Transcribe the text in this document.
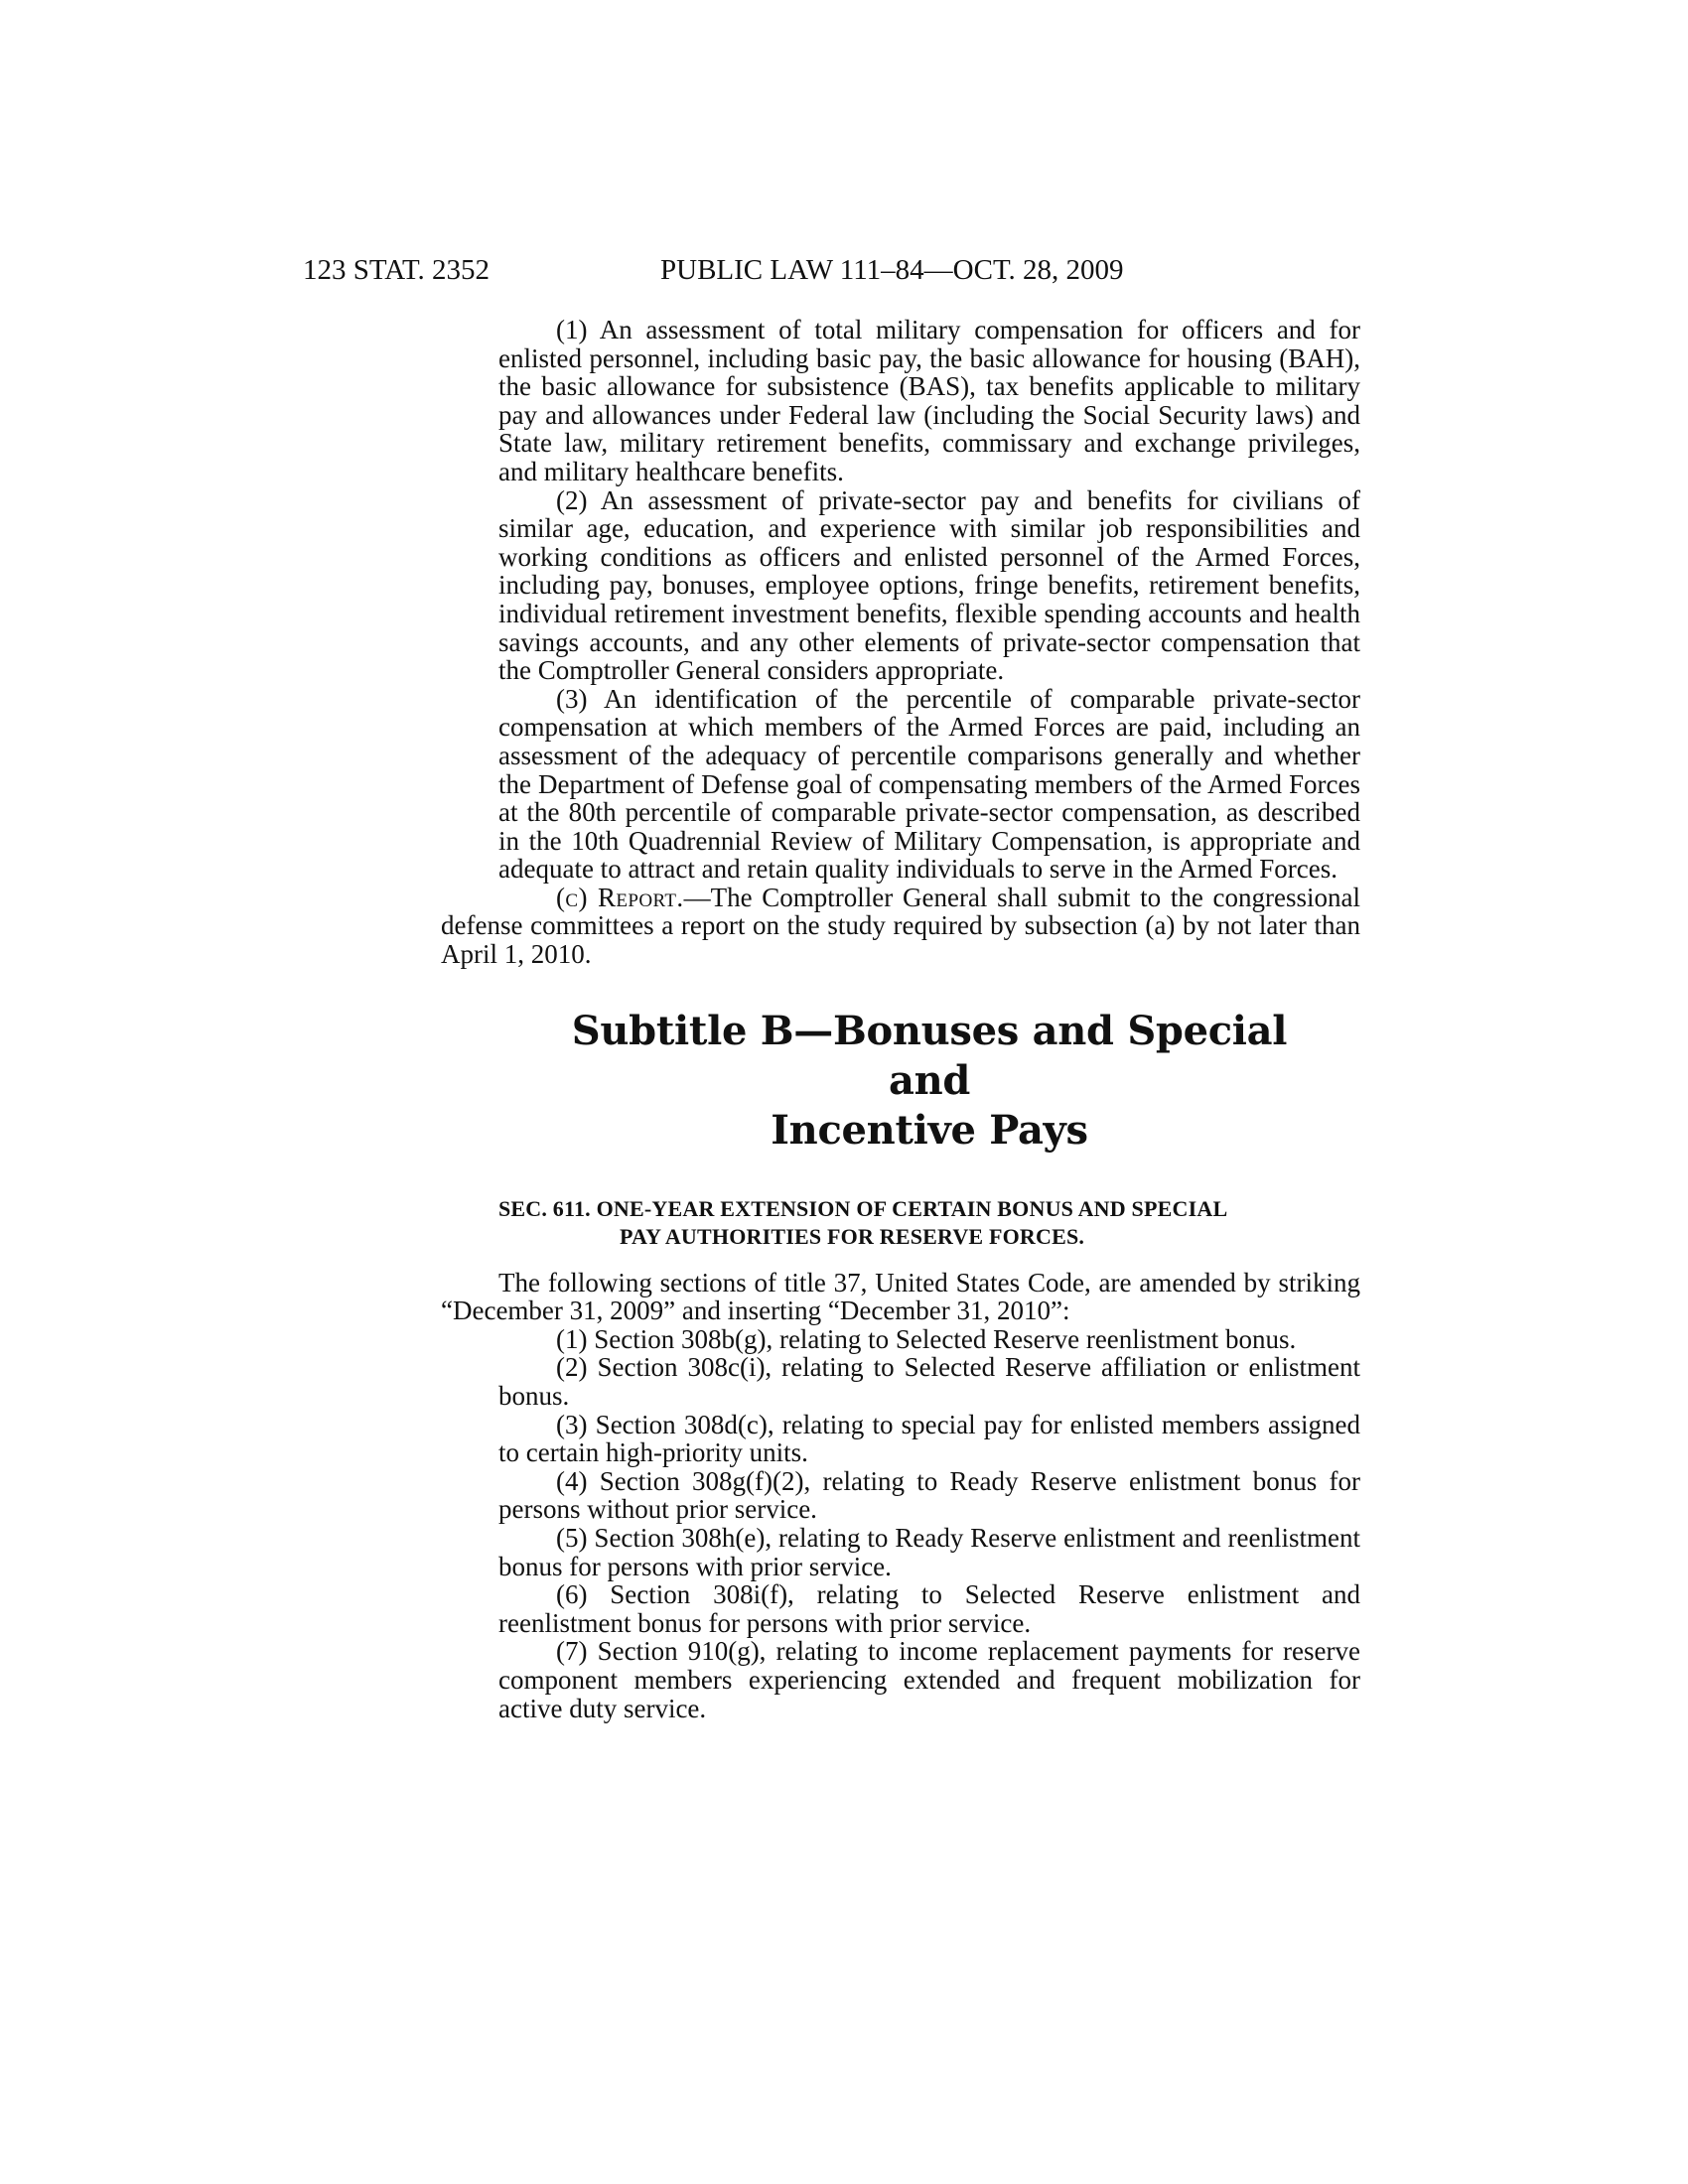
123 STAT. 2352	PUBLIC LAW 111–84—OCT. 28, 2009

(1) An assessment of total military compensation for officers and for enlisted personnel, including basic pay, the basic allowance for housing (BAH), the basic allowance for subsistence (BAS), tax benefits applicable to military pay and allowances under Federal law (including the Social Security laws) and State law, military retirement benefits, commissary and exchange privileges, and military healthcare benefits.

(2) An assessment of private-sector pay and benefits for civilians of similar age, education, and experience with similar job responsibilities and working conditions as officers and enlisted personnel of the Armed Forces, including pay, bonuses, employee options, fringe benefits, retirement benefits, individual retirement investment benefits, flexible spending accounts and health savings accounts, and any other elements of private-sector compensation that the Comptroller General considers appropriate.

(3) An identification of the percentile of comparable private-sector compensation at which members of the Armed Forces are paid, including an assessment of the adequacy of percentile comparisons generally and whether the Department of Defense goal of compensating members of the Armed Forces at the 80th percentile of comparable private-sector compensation, as described in the 10th Quadrennial Review of Military Compensation, is appropriate and adequate to attract and retain quality individuals to serve in the Armed Forces.

(c) Report.—The Comptroller General shall submit to the congressional defense committees a report on the study required by subsection (a) by not later than April 1, 2010.

Subtitle B—Bonuses and Special and
Incentive Pays
SEC. 611. ONE-YEAR EXTENSION OF CERTAIN BONUS AND SPECIAL
PAY AUTHORITIES FOR RESERVE FORCES.

The following sections of title 37, United States Code, are amended by striking “December 31, 2009” and inserting “December 31, 2010”:

(1) Section 308b(g), relating to Selected Reserve reenlistment bonus.

(2) Section 308c(i), relating to Selected Reserve affiliation or enlistment bonus.

(3) Section 308d(c), relating to special pay for enlisted members assigned to certain high-priority units.

(4) Section 308g(f)(2), relating to Ready Reserve enlistment bonus for persons without prior service.

(5) Section 308h(e), relating to Ready Reserve enlistment and reenlistment bonus for persons with prior service.

(6) Section 308i(f), relating to Selected Reserve enlistment and reenlistment bonus for persons with prior service.

(7) Section 910(g), relating to income replacement payments for reserve component members experiencing extended and frequent mobilization for active duty service.
